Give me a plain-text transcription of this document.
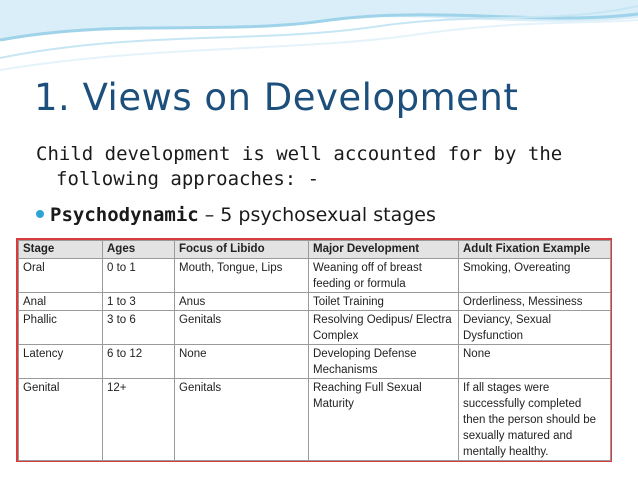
1. Views on Development
Child development is well accounted for by the
following approaches: -
Psychodynamic – 5 psychosexual stages
Stage	Ages	Focus of Libido	Major Development	Adult Fixation Example
Oral	0 to 1	Mouth, Tongue, Lips	Weaning off of breast feeding or formula	Smoking, Overeating
Anal	1 to 3	Anus	Toilet Training	Orderliness, Messiness
Phallic	3 to 6	Genitals	Resolving Oedipus/ Electra Complex	Deviancy, Sexual Dysfunction
Latency	6 to 12	None	Developing Defense Mechanisms	None
Genital	12+	Genitals	Reaching Full Sexual Maturity	If all stages were successfully completed then the person should be sexually matured and mentally healthy.
